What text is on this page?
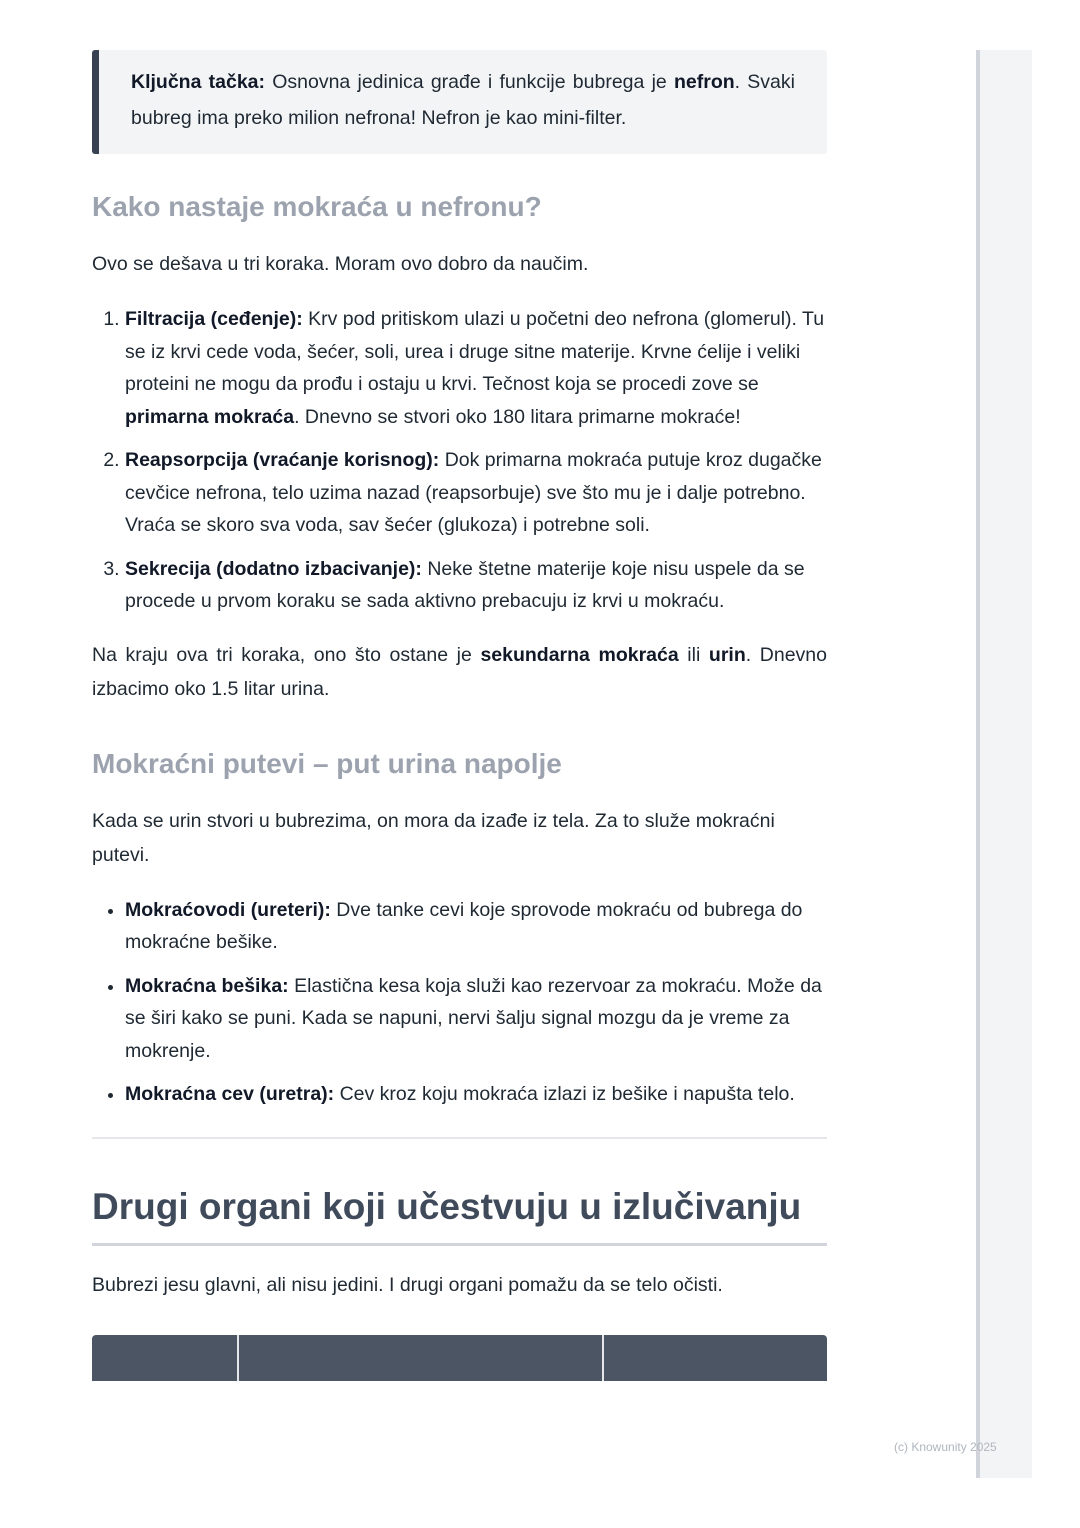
Ključna tačka: Osnovna jedinica građe i funkcije bubrega je nefron. Svaki bubreg ima preko milion nefrona! Nefron je kao mini-filter.
Kako nastaje mokraća u nefronu?

Ovo se dešava u tri koraka. Moram ovo dobro da naučim.

1. Filtracija (ceđenje): Krv pod pritiskom ulazi u početni deo nefrona (glomerul). Tu se iz krvi cede voda, šećer, soli, urea i druge sitne materije. Krvne ćelije i veliki proteini ne mogu da prođu i ostaju u krvi. Tečnost koja se procedi zove se primarna mokraća. Dnevno se stvori oko 180 litara primarne mokraće!
2. Reapsorpcija (vraćanje korisnog): Dok primarna mokraća putuje kroz dugačke cevčice nefrona, telo uzima nazad (reapsorbuje) sve što mu je i dalje potrebno. Vraća se skoro sva voda, sav šećer (glukoza) i potrebne soli.
3. Sekrecija (dodatno izbacivanje): Neke štetne materije koje nisu uspele da se procede u prvom koraku se sada aktivno prebacuju iz krvi u mokraću.

Na kraju ova tri koraka, ono što ostane je sekundarna mokraća ili urin. Dnevno izbacimo oko 1.5 litar urina.

Mokraćni putevi – put urina napolje

Kada se urin stvori u bubrezima, on mora da izađe iz tela. Za to služe mokraćni putevi.

• Mokraćovodi (ureteri): Dve tanke cevi koje sprovode mokraću od bubrega do mokraćne bešike.
• Mokraćna bešika: Elastična kesa koja služi kao rezervoar za mokraću. Može da se širi kako se puni. Kada se napuni, nervi šalju signal mozgu da je vreme za mokrenje.
• Mokraćna cev (uretra): Cev kroz koju mokraća izlazi iz bešike i napušta telo.
Drugi organi koji učestvuju u izlučivanju

Bubrezi jesu glavni, ali nisu jedini. I drugi organi pomažu da se telo očisti.

(c) Knowunity 2025
